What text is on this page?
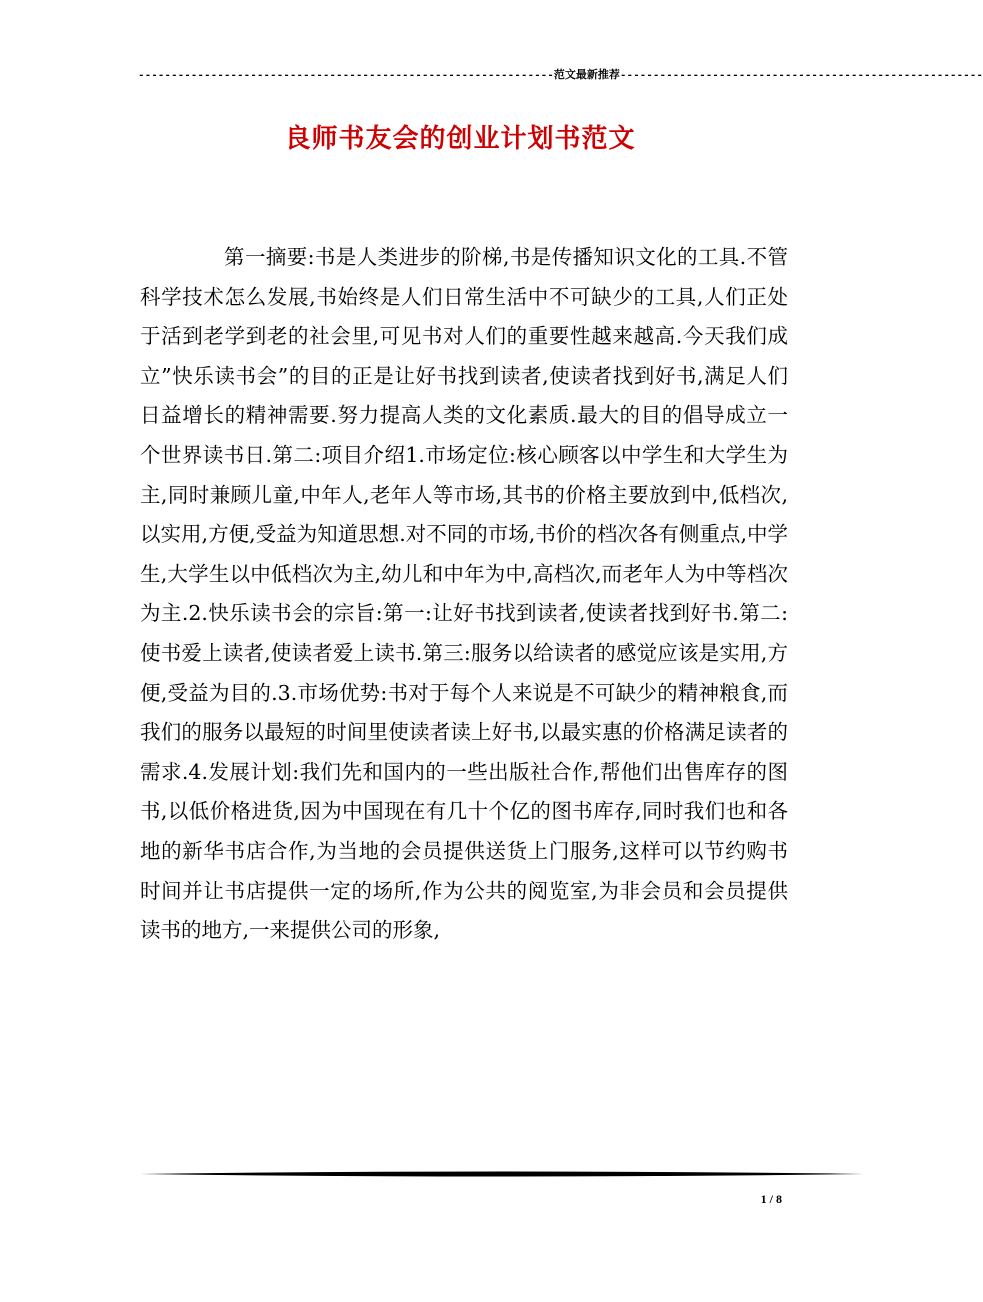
---------------------------------------------------------------范文最新推荐-------------------------------------------------------
良师书友会的创业计划书范文
第一摘要:书是人类进步的阶梯,书是传播知识文化的工具.不管科学技术怎么发展,书始终是人们日常生活中不可缺少的工具,人们正处于活到老学到老的社会里,可见书对人们的重要性越来越高.今天我们成立”快乐读书会”的目的正是让好书找到读者,使读者找到好书,满足人们日益增长的精神需要.努力提高人类的文化素质.最大的目的倡导成立一个世界读书日.第二:项目介绍1.市场定位:核心顾客以中学生和大学生为主,同时兼顾儿童,中年人,老年人等市场,其书的价格主要放到中,低档次,以实用,方便,受益为知道思想.对不同的市场,书价的档次各有侧重点,中学生,大学生以中低档次为主,幼儿和中年为中,高档次,而老年人为中等档次为主.2.快乐读书会的宗旨:第一:让好书找到读者,使读者找到好书.第二:使书爱上读者,使读者爱上读书.第三:服务以给读者的感觉应该是实用,方便,受益为目的.3.市场优势:书对于每个人来说是不可缺少的精神粮食,而我们的服务以最短的时间里使读者读上好书,以最实惠的价格满足读者的需求.4.发展计划:我们先和国内的一些出版社合作,帮他们出售库存的图书,以低价格进货,因为中国现在有几十个亿的图书库存,同时我们也和各地的新华书店合作,为当地的会员提供送货上门服务,这样可以节约购书时间并让书店提供一定的场所,作为公共的阅览室,为非会员和会员提供读书的地方,一来提供公司的形象,
1 / 8
